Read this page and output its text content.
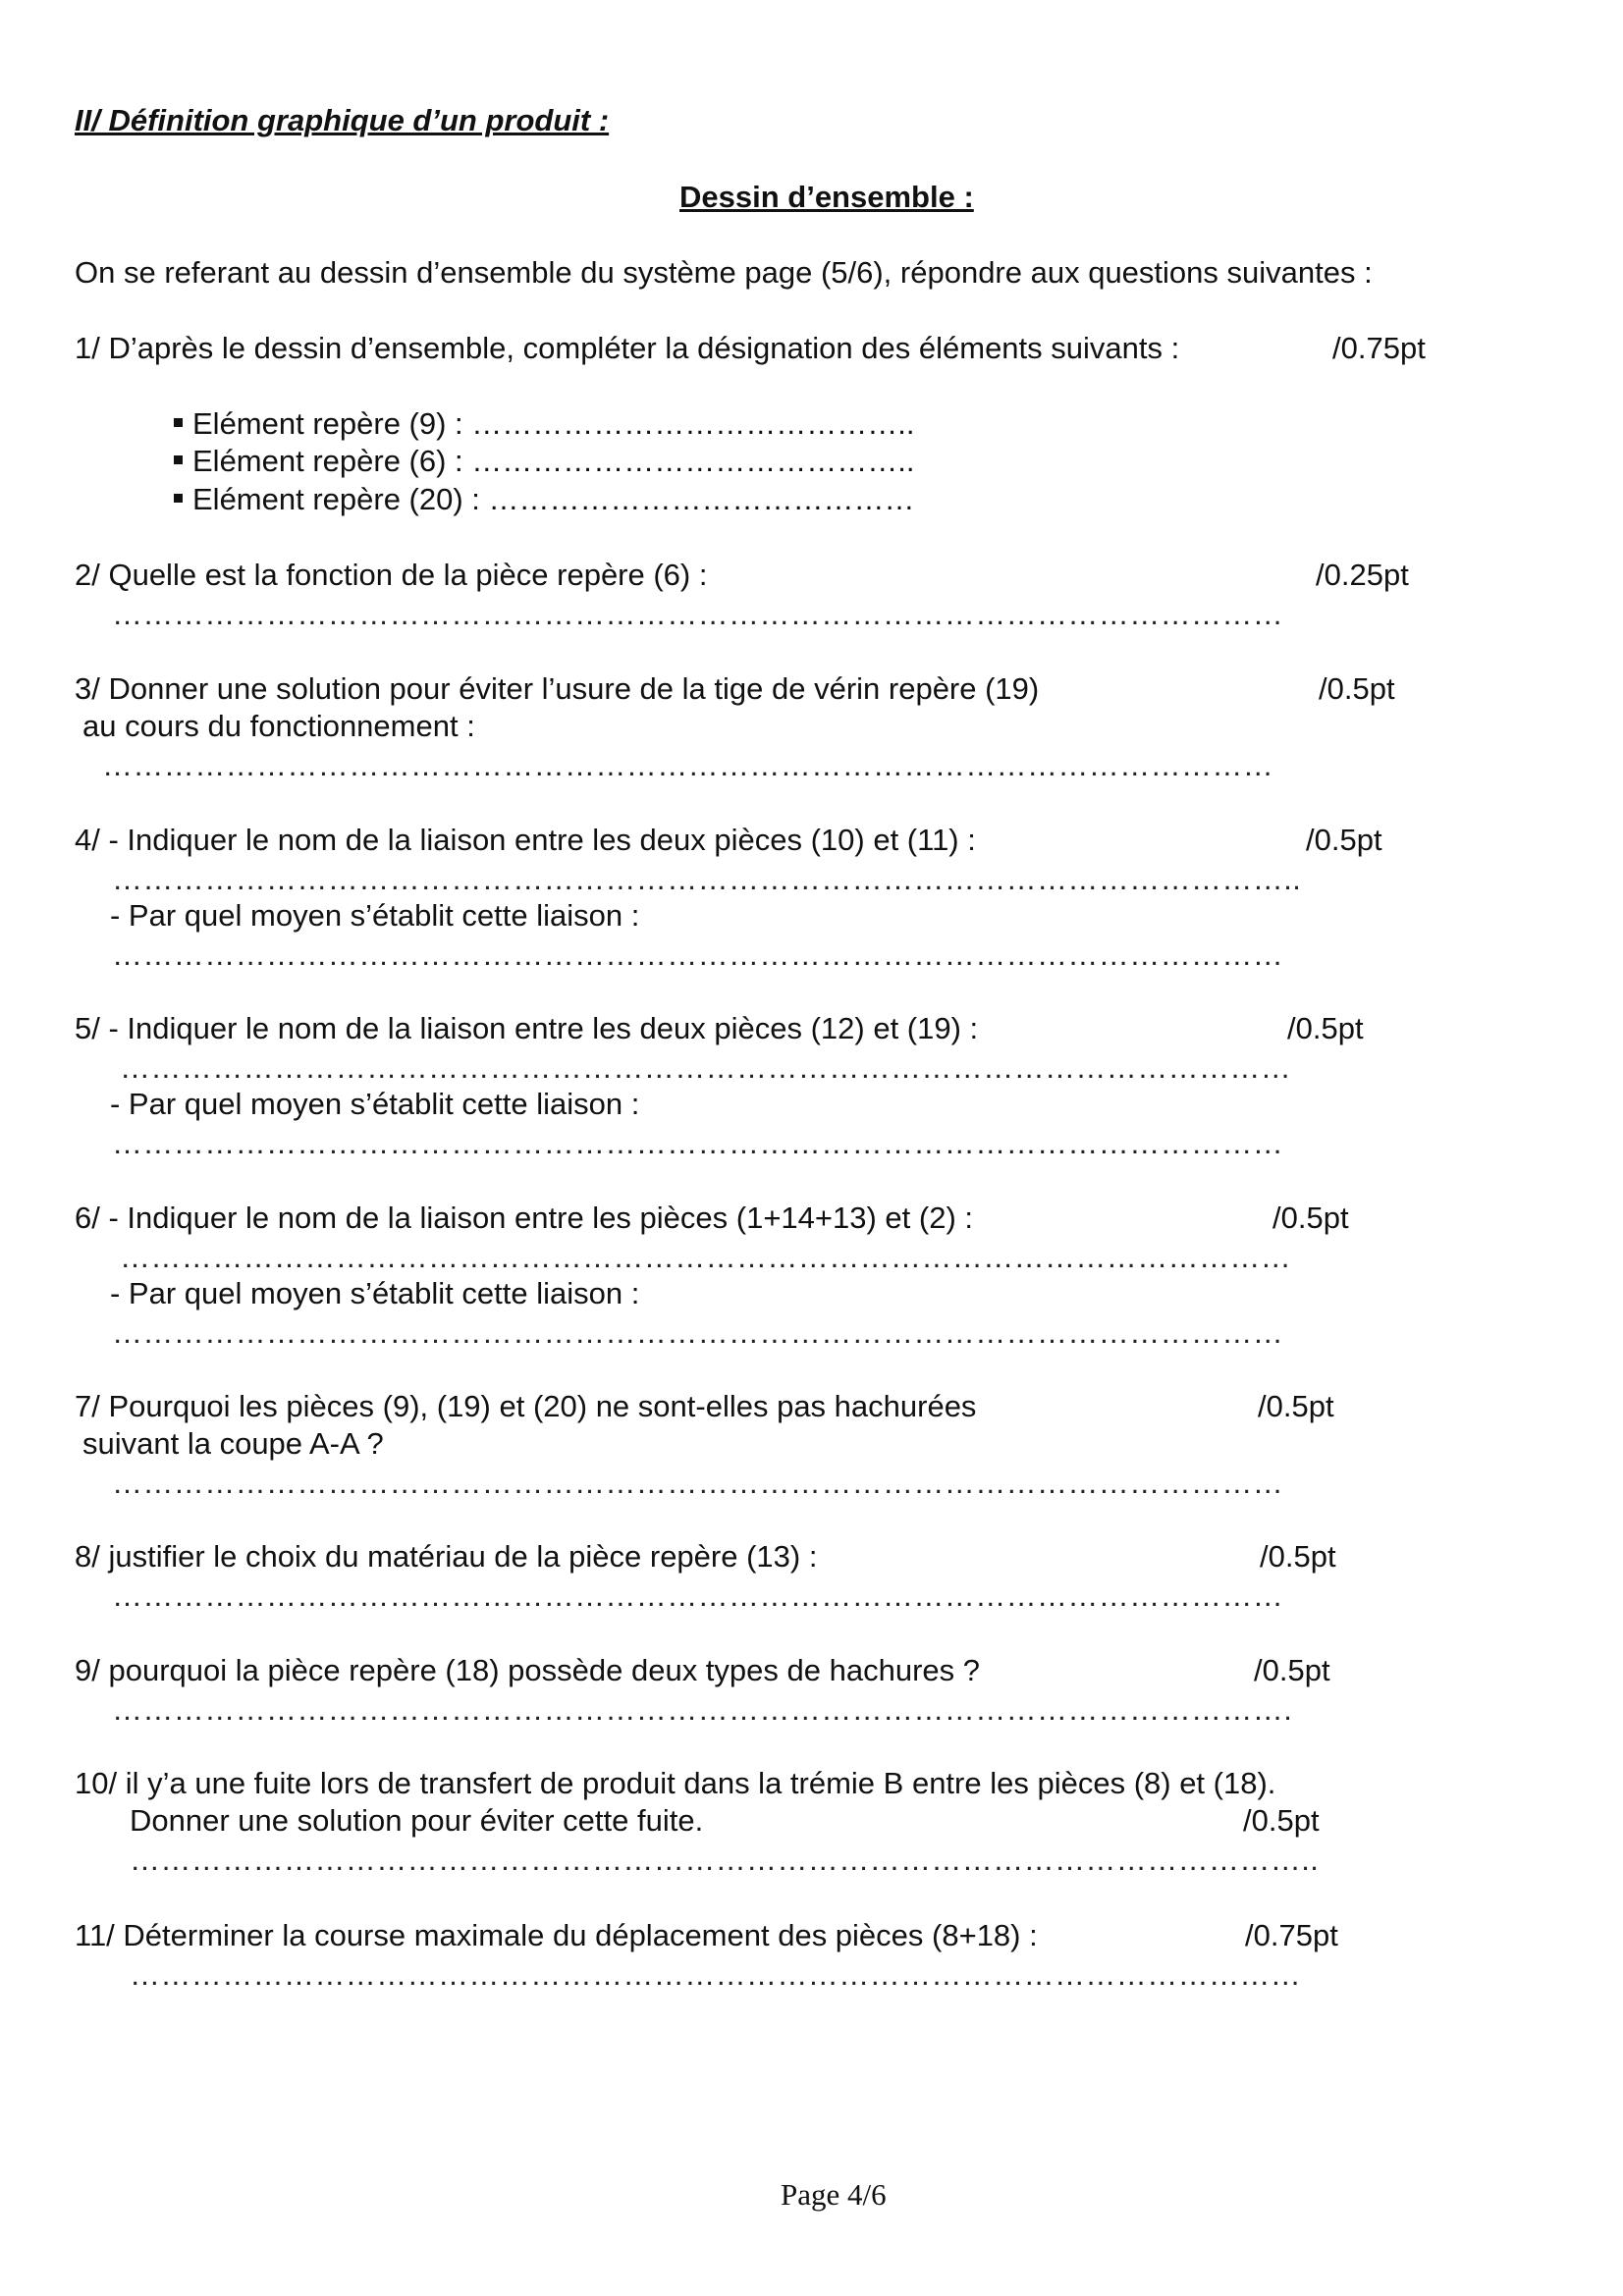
II/ Définition graphique d’un produit :
Dessin d’ensemble :
On se referant au dessin d’ensemble du système page (5/6), répondre aux questions suivantes :
1/ D’après le dessin d’ensemble, compléter la désignation des éléments suivants :	/0.75pt
Elément repère (9) : ……………………………………..
Elément repère (6) : ……………………………………..
Elément repère (20) : ……………………………………
2/ Quelle est la fonction de la pièce repère (6) :	/0.25pt
……………………………………………………………………………………………………
3/ Donner une solution pour éviter l’usure de la tige de vérin repère (19)	/0.5pt
au cours du fonctionnement :
……………………………………………………………………………………………………
4/ - Indiquer le nom de la liaison entre les deux pièces (10) et (11) :	/0.5pt
……………………………………………………………………………………………………..
- Par quel moyen s’établit cette liaison :
……………………………………………………………………………………………………
5/ - Indiquer le nom de la liaison entre les deux pièces (12) et (19) :	/0.5pt
……………………………………………………………………………………………………
- Par quel moyen s’établit cette liaison :
……………………………………………………………………………………………………
6/ - Indiquer le nom de la liaison entre les pièces (1+14+13) et (2) :	/0.5pt
……………………………………………………………………………………………………
- Par quel moyen s’établit cette liaison :
……………………………………………………………………………………………………
7/ Pourquoi les pièces (9), (19) et (20) ne sont-elles pas hachurées	/0.5pt
suivant la coupe A-A ?
……………………………………………………………………………………………………
8/ justifier le choix du matériau de la pièce repère (13) :	/0.5pt
……………………………………………………………………………………………………
9/ pourquoi la pièce repère (18) possède deux types de hachures ?	/0.5pt
…………………………………………………………………………………………………….
10/ il y’a une fuite lors de transfert de produit dans la trémie B entre les pièces (8) et (18).
Donner une solution pour éviter cette fuite.	/0.5pt
……………………………………………………………………………………………………..
11/ Déterminer la course maximale du déplacement des pièces (8+18) :	/0.75pt
……………………………………………………………………………………………………
Page 4/6
